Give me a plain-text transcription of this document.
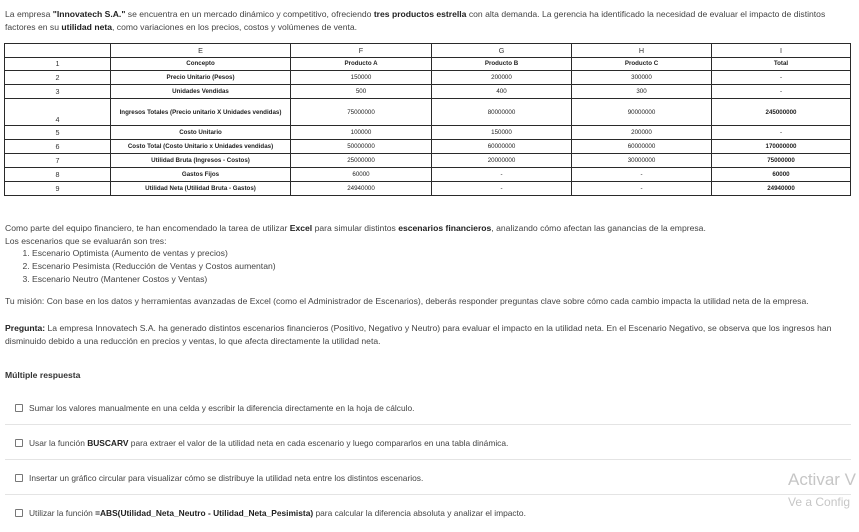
La empresa "Innovatech S.A." se encuentra en un mercado dinámico y competitivo, ofreciendo tres productos estrella con alta demanda. La gerencia ha identificado la necesidad de evaluar el impacto de distintos factores en su utilidad neta, como variaciones en los precios, costos y volúmenes de venta.
	E	F	G	H	I
1	Concepto	Producto A	Producto B	Producto C	Total
2	Precio Unitario (Pesos)	150000	200000	300000	-
3	Unidades Vendidas	500	400	300	-
4	Ingresos Totales (Precio unitario X Unidades vendidas)	75000000	80000000	90000000	245000000
5	Costo Unitario	100000	150000	200000	-
6	Costo Total (Costo Unitario x Unidades vendidas)	50000000	60000000	60000000	170000000
7	Utilidad Bruta (Ingresos - Costos)	25000000	20000000	30000000	75000000
8	Gastos Fijos	60000	-	-	60000
9	Utilidad Neta (Utilidad Bruta - Gastos)	24940000	-	-	24940000
Como parte del equipo financiero, te han encomendado la tarea de utilizar Excel para simular distintos escenarios financieros, analizando cómo afectan las ganancias de la empresa.
Los escenarios que se evaluarán son tres:
1. Escenario Optimista (Aumento de ventas y precios)
2. Escenario Pesimista (Reducción de Ventas y Costos aumentan)
3. Escenario Neutro (Mantener Costos y Ventas)
Tu misión: Con base en los datos y herramientas avanzadas de Excel (como el Administrador de Escenarios), deberás responder preguntas clave sobre cómo cada cambio impacta la utilidad neta de la empresa.
Pregunta: La empresa Innovatech S.A. ha generado distintos escenarios financieros (Positivo, Negativo y Neutro) para evaluar el impacto en la utilidad neta. En el Escenario Negativo, se observa que los ingresos han disminuido debido a una reducción en precios y ventas, lo que afecta directamente la utilidad neta.
Múltiple respuesta
Sumar los valores manualmente en una celda y escribir la diferencia directamente en la hoja de cálculo.
Usar la función BUSCARV para extraer el valor de la utilidad neta en cada escenario y luego compararlos en una tabla dinámica.
Insertar un gráfico circular para visualizar cómo se distribuye la utilidad neta entre los distintos escenarios.
Utilizar la función =ABS(Utilidad_Neta_Neutro - Utilidad_Neta_Pesimista) para calcular la diferencia absoluta y analizar el impacto.
Activar V
Ve a Config
